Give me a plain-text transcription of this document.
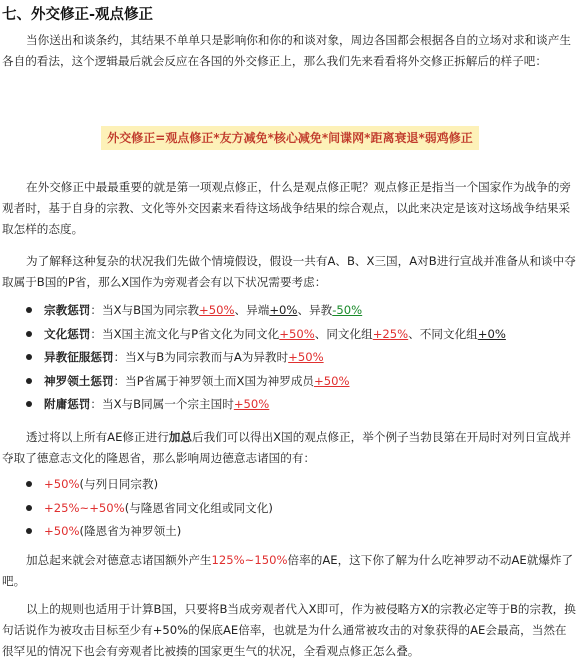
七、外交修正-观点修正

当你送出和谈条约，其结果不单单只是影响你和你的和谈对象，周边各国都会根据各自的立场对求和谈产生各自的看法，这个逻辑最后就会反应在各国的外交修正上，那么我们先来看看将外交修正拆解后的样子吧：

外交修正=观点修正*友方减免*核心减免*间谍网*距离衰退*弱鸡修正

在外交修正中最最重要的就是第一项观点修正，什么是观点修正呢？观点修正是指当一个国家作为战争的旁观者时，基于自身的宗教、文化等外交因素来看待这场战争结果的综合观点，以此来决定是该对这场战争结果采取怎样的态度。

为了解释这种复杂的状况我们先做个情境假设，假设一共有A、B、X三国，A对B进行宣战并准备从和谈中夺取属于B国的P省，那么X国作为旁观者会有以下状况需要考虑：

宗教惩罚：当X与B国为同宗教+50%、异端+0%、异教-50%
文化惩罚：当X国主流文化与P省文化为同文化+50%、同文化组+25%、不同文化组+0%
异教征服惩罚：当X与B为同宗教而与A为异教时+50%
神罗领土惩罚：当P省属于神罗领土而X国为神罗成员+50%
附庸惩罚：当X与B同属一个宗主国时+50%

透过将以上所有AE修正进行加总后我们可以得出X国的观点修正，举个例子当勃艮第在开局时对列日宣战并夺取了德意志文化的隆恩省，那么影响周边德意志诸国的有：

+50%(与列日同宗教)
+25%~+50%(与隆恩省同文化组或同文化)
+50%(隆恩省为神罗领土)

加总起来就会对德意志诸国额外产生125%~150%倍率的AE，这下你了解为什么吃神罗动不动AE就爆炸了吧。

以上的规则也适用于计算B国，只要将B当成旁观者代入X即可，作为被侵略方X的宗教必定等于B的宗教，换句话说作为被攻击目标至少有+50%的保底AE倍率，也就是为什么通常被攻击的对象获得的AE会最高，当然在很罕见的情况下也会有旁观者比被揍的国家更生气的状况，全看观点修正怎么叠。
